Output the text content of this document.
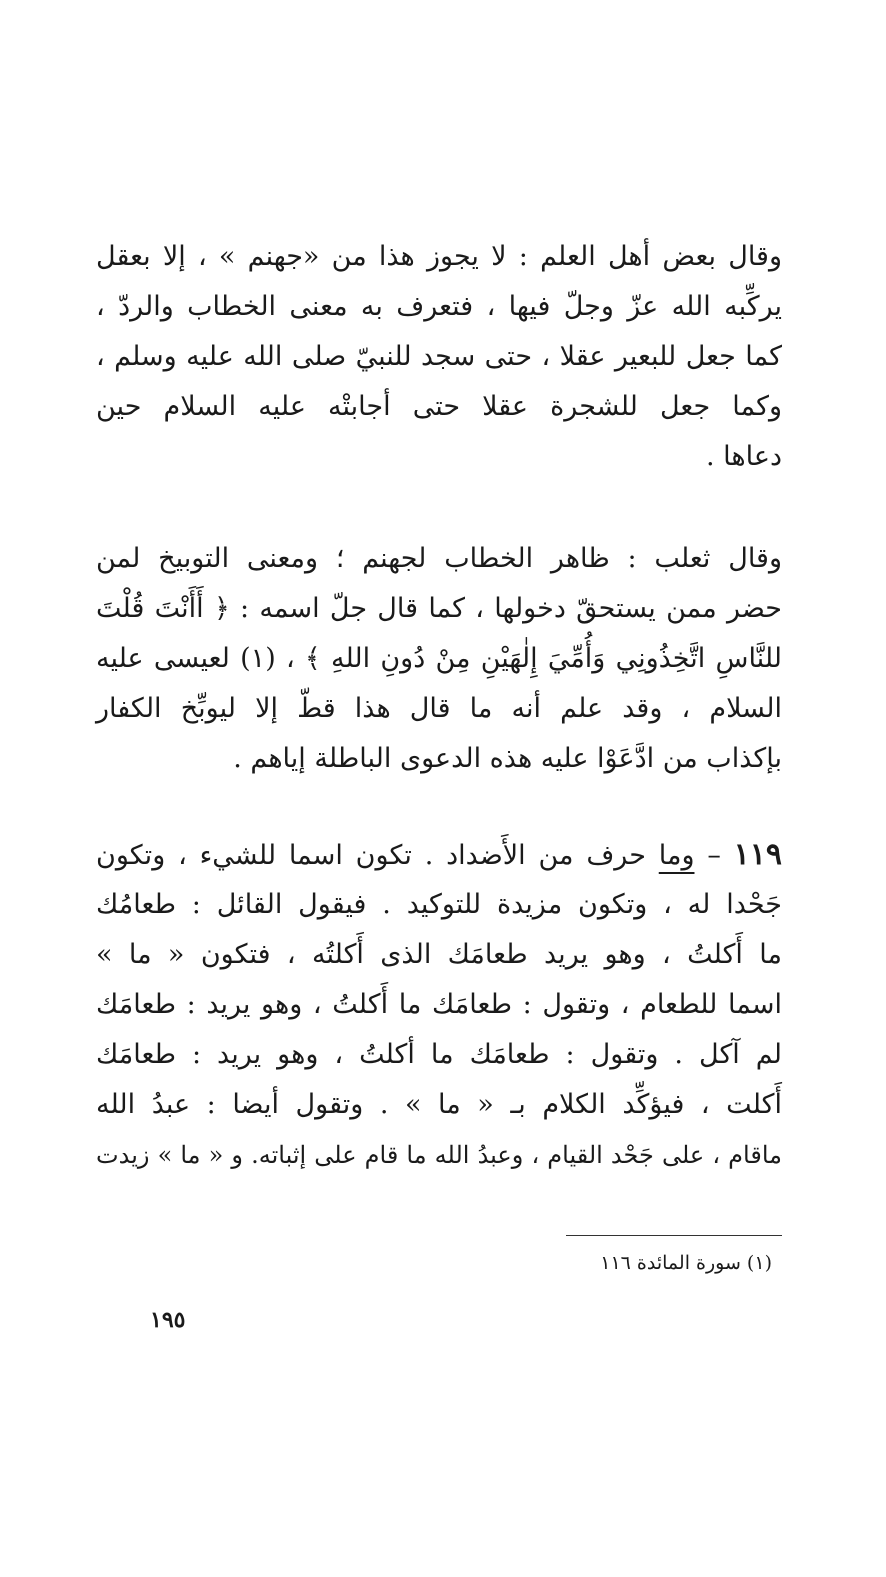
وقال بعض أهل العلم : لا يجوز هذا من «جهنم » ، إلا بعقل
يركِّبه الله عزّ وجلّ فيها ، فتعرف به معنى الخطاب والردّ ،
كما جعل للبعير عقلا ، حتى سجد للنبيّ صلى الله عليه وسلم ،
وكما جعل للشجرة عقلا حتى أجابتْه عليه السلام حين
دعاها .
وقال ثعلب : ظاهر الخطاب لجهنم ؛ ومعنى التوبيخ لمن
حضر ممن يستحقّ دخولها ، كما قال جلّ اسمه : ﴿ أَأَنْتَ قُلْتَ
للنَّاسِ اتَّخِذُونِي وَأُمِّيَ إِلٰهَيْنِ مِنْ دُونِ اللهِ ﴾ ، (١) لعيسى عليه
السلام ، وقد علم أنه ما قال هذا قطّ إلا ليوبِّخ الكفار
بإكذاب من ادَّعَوْا عليه هذه الدعوى الباطلة إياهم .
١١٩ – وما حرف من الأَضداد . تكون اسما للشيء ، وتكون
جَحْدا له ، وتكون مزيدة للتوكيد . فيقول القائل : طعامُك
ما أَكلتُ ، وهو يريد طعامَك الذى أَكلتُه ، فتكون « ما »
اسما للطعام ، وتقول : طعامَك ما أَكلتُ ، وهو يريد : طعامَك
لم آكل . وتقول : طعامَك ما أكلتُ ، وهو يريد : طعامَك
أَكلت ، فيؤكِّد الكلام بـ « ما » . وتقول أيضا : عبدُ الله
ماقام ، على جَحْد القيام ، وعبدُ الله ما قام على إثباته. و « ما » زيدت
(١) سورة المائدة ١١٦
١٩٥
